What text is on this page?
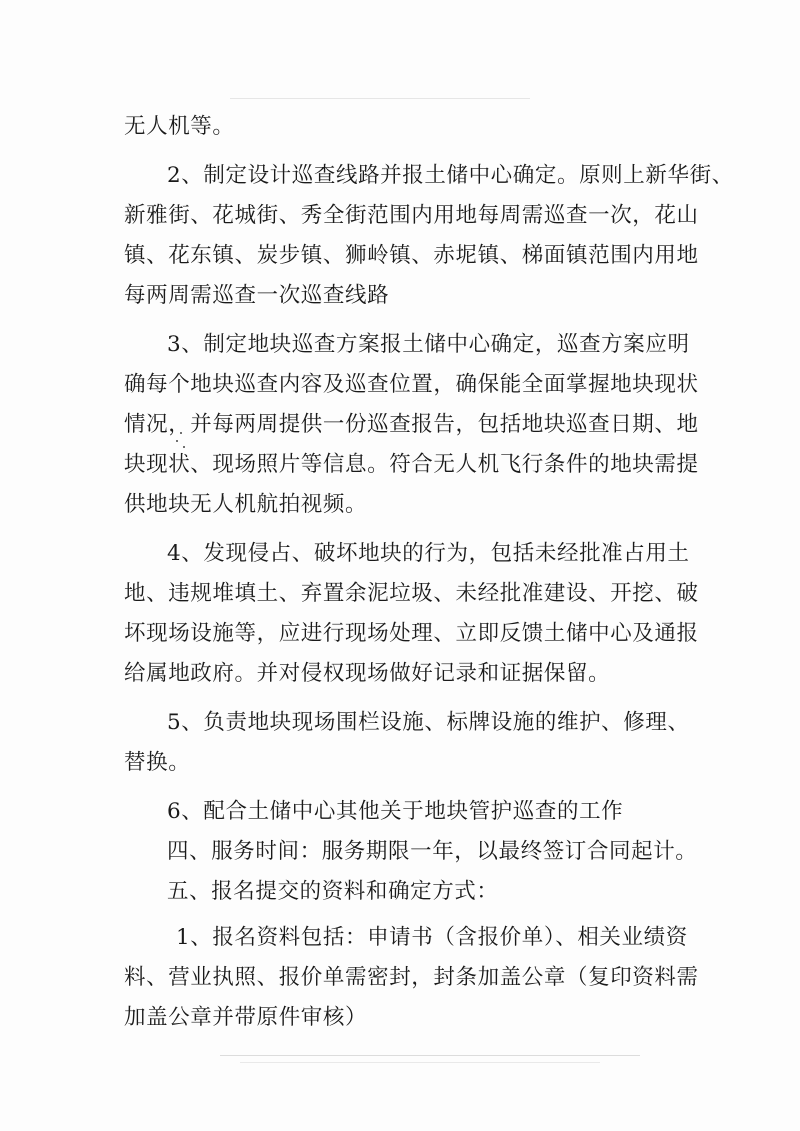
无人机等。

2、制定设计巡查线路并报土储中心确定。原则上新华街、
新雅街、花城街、秀全街范围内用地每周需巡查一次，花山
镇、花东镇、炭步镇、狮岭镇、赤坭镇、梯面镇范围内用地
每两周需巡查一次巡查线路

3、制定地块巡查方案报土储中心确定，巡查方案应明
确每个地块巡查内容及巡查位置，确保能全面掌握地块现状
情况，并每两周提供一份巡查报告，包括地块巡查日期、地
块现状、现场照片等信息。符合无人机飞行条件的地块需提
供地块无人机航拍视频。

4、发现侵占、破坏地块的行为，包括未经批准占用土
地、违规堆填土、弃置余泥垃圾、未经批准建设、开挖、破
坏现场设施等，应进行现场处理、立即反馈土储中心及通报
给属地政府。并对侵权现场做好记录和证据保留。

5、负责地块现场围栏设施、标牌设施的维护、修理、
替换。

6、配合土储中心其他关于地块管护巡查的工作

四、服务时间：服务期限一年，以最终签订合同起计。

五、报名提交的资料和确定方式：

1、报名资料包括：申请书（含报价单）、相关业绩资
料、营业执照、报价单需密封，封条加盖公章（复印资料需
加盖公章并带原件审核）
